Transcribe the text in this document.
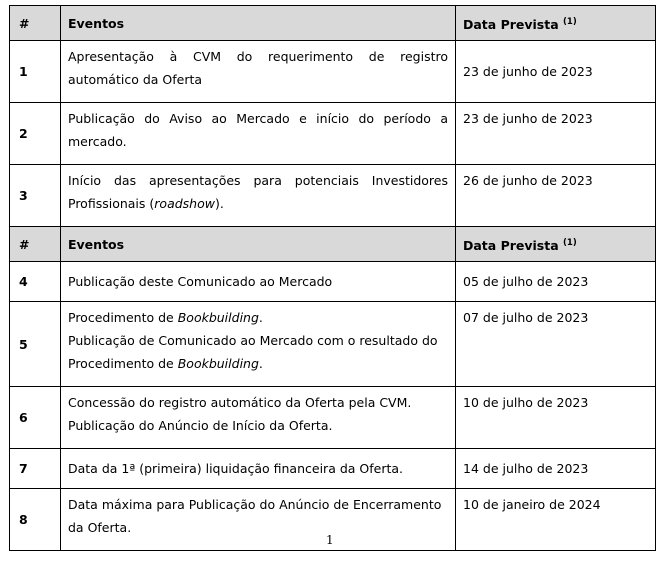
#	Eventos	Data Prevista $^{(1)}$
1	Apresentação à CVM do requerimento de registro
automático da Oferta	23 de junho de 2023
2	Publicação do Aviso ao Mercado e início do período a
mercado.	23 de junho de 2023
3	Início das apresentações para potenciais Investidores
Profissionais (roadshow).	26 de junho de 2023
#	Eventos	Data Prevista $^{(1)}$
4	Publicação deste Comunicado ao Mercado	05 de julho de 2023
5	Procedimento de Bookbuilding.
Publicação de Comunicado ao Mercado com o resultado do
Procedimento de Bookbuilding.	07 de julho de 2023
6	Concessão do registro automático da Oferta pela CVM.
Publicação do Anúncio de Início da Oferta.	10 de julho de 2023
7	Data da 1ª (primeira) liquidação financeira da Oferta.	14 de julho de 2023
8	Data máxima para Publicação do Anúncio de Encerramento
da Oferta.	10 de janeiro de 2024
1
